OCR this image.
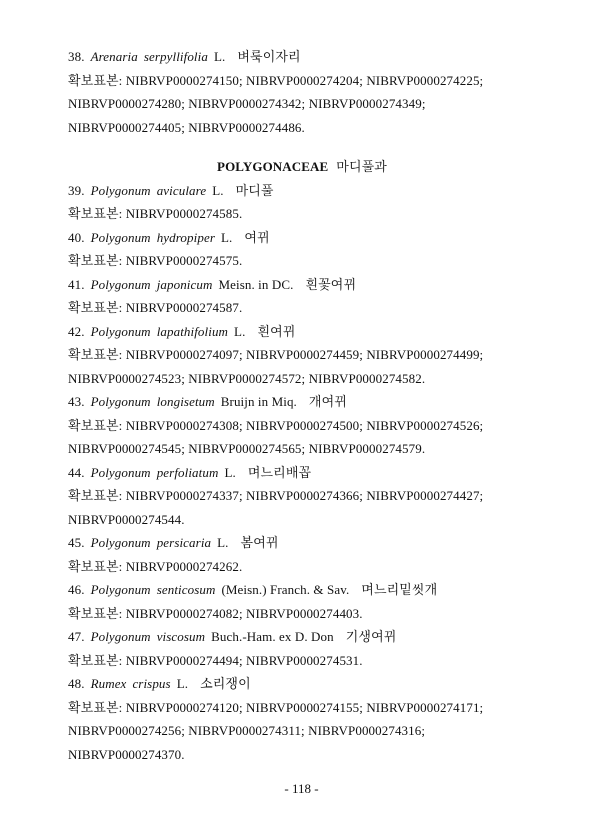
38. Arenaria serpyllifolia L. 벼룩이자리
확보표본: NIBRVP0000274150; NIBRVP0000274204; NIBRVP0000274225;
NIBRVP0000274280; NIBRVP0000274342; NIBRVP0000274349;
NIBRVP0000274405; NIBRVP0000274486.
POLYGONACEAE 마디풀과
39. Polygonum aviculare L. 마디풀
확보표본: NIBRVP0000274585.
40. Polygonum hydropiper L. 여뀌
확보표본: NIBRVP0000274575.
41. Polygonum japonicum Meisn. in DC. 흰꽃여뀌
확보표본: NIBRVP0000274587.
42. Polygonum lapathifolium L. 흰여뀌
확보표본: NIBRVP0000274097; NIBRVP0000274459; NIBRVP0000274499;
NIBRVP0000274523; NIBRVP0000274572; NIBRVP0000274582.
43. Polygonum longisetum Bruijn in Miq. 개여뀌
확보표본: NIBRVP0000274308; NIBRVP0000274500; NIBRVP0000274526;
NIBRVP0000274545; NIBRVP0000274565; NIBRVP0000274579.
44. Polygonum perfoliatum L. 며느리배꼽
확보표본: NIBRVP0000274337; NIBRVP0000274366; NIBRVP0000274427;
NIBRVP0000274544.
45. Polygonum persicaria L. 봄여뀌
확보표본: NIBRVP0000274262.
46. Polygonum senticosum (Meisn.) Franch. & Sav. 며느리밑씻개
확보표본: NIBRVP0000274082; NIBRVP0000274403.
47. Polygonum viscosum Buch.-Ham. ex D. Don 기생여뀌
확보표본: NIBRVP0000274494; NIBRVP0000274531.
48. Rumex crispus L. 소리쟁이
확보표본: NIBRVP0000274120; NIBRVP0000274155; NIBRVP0000274171;
NIBRVP0000274256; NIBRVP0000274311; NIBRVP0000274316;
NIBRVP0000274370.
- 118 -
